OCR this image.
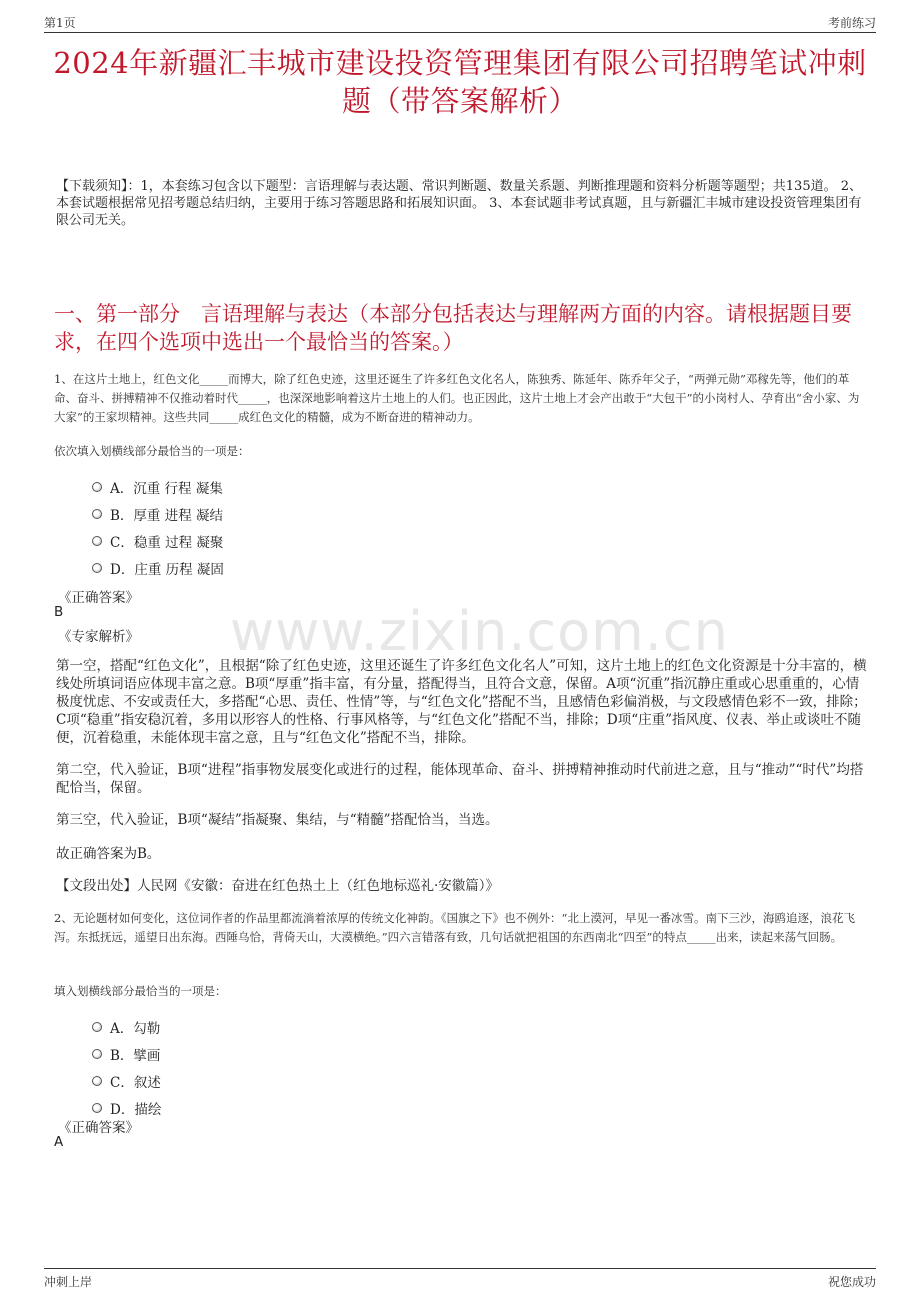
第1页	考前练习
2024年新疆汇丰城市建设投资管理集团有限公司招聘笔试冲刺题（带答案解析）
【下载须知】：1，本套练习包含以下题型：言语理解与表达题、常识判断题、数量关系题、判断推理题和资料分析题等题型；共135道。 2、本套试题根据常见招考题总结归纳，主要用于练习答题思路和拓展知识面。 3、本套试题非考试真题，且与新疆汇丰城市建设投资管理集团有限公司无关。
一、第一部分　言语理解与表达（本部分包括表达与理解两方面的内容。请根据题目要求，在四个选项中选出一个最恰当的答案。）
www.zixin.com.cn
1、在这片土地上，红色文化_____而博大，除了红色史迹，这里还诞生了许多红色文化名人，陈独秀、陈延年、陈乔年父子，“两弹元勋”邓稼先等，他们的革命、奋斗、拼搏精神不仅推动着时代_____，也深深地影响着这片土地上的人们。也正因此，这片土地上才会产出敢于“大包干”的小岗村人、孕育出“舍小家、为大家”的王家坝精神。这些共同_____成红色文化的精髓，成为不断奋进的精神动力。
依次填入划横线部分最恰当的一项是：
A．沉重 行程 凝集
B．厚重 进程 凝结
C．稳重 过程 凝聚
D．庄重 历程 凝固
《正确答案》
B
《专家解析》
第一空，搭配“红色文化”，且根据“除了红色史迹，这里还诞生了许多红色文化名人”可知，这片土地上的红色文化资源是十分丰富的，横线处所填词语应体现丰富之意。B项“厚重”指丰富，有分量，搭配得当，且符合文意，保留。A项“沉重”指沉静庄重或心思重重的，心情极度忧虑、不安或责任大，多搭配“心思、责任、性情”等，与“红色文化”搭配不当，且感情色彩偏消极，与文段感情色彩不一致，排除；C项“稳重”指安稳沉着，多用以形容人的性格、行事风格等，与“红色文化”搭配不当，排除；D项“庄重”指风度、仪表、举止或谈吐不随便，沉着稳重，未能体现丰富之意，且与“红色文化”搭配不当，排除。
第二空，代入验证，B项“进程”指事物发展变化或进行的过程，能体现革命、奋斗、拼搏精神推动时代前进之意，且与“推动”“时代”均搭配恰当，保留。
第三空，代入验证，B项“凝结”指凝聚、集结，与“精髓”搭配恰当，当选。
故正确答案为B。
【文段出处】人民网《安徽：奋进在红色热土上（红色地标巡礼·安徽篇）》
2、无论题材如何变化，这位词作者的作品里都流淌着浓厚的传统文化神韵。《国旗之下》也不例外：“北上漠河，早见一番冰雪。南下三沙，海鸥追逐，浪花飞泻。东抵抚远，遥望日出东海。西陲乌恰，背倚天山，大漠横绝。”四六言错落有致，几句话就把祖国的东西南北“四至”的特点_____出来，读起来荡气回肠。
填入划横线部分最恰当的一项是：
A．勾勒
B．擘画
C．叙述
D．描绘
《正确答案》
A
冲刺上岸	祝您成功
